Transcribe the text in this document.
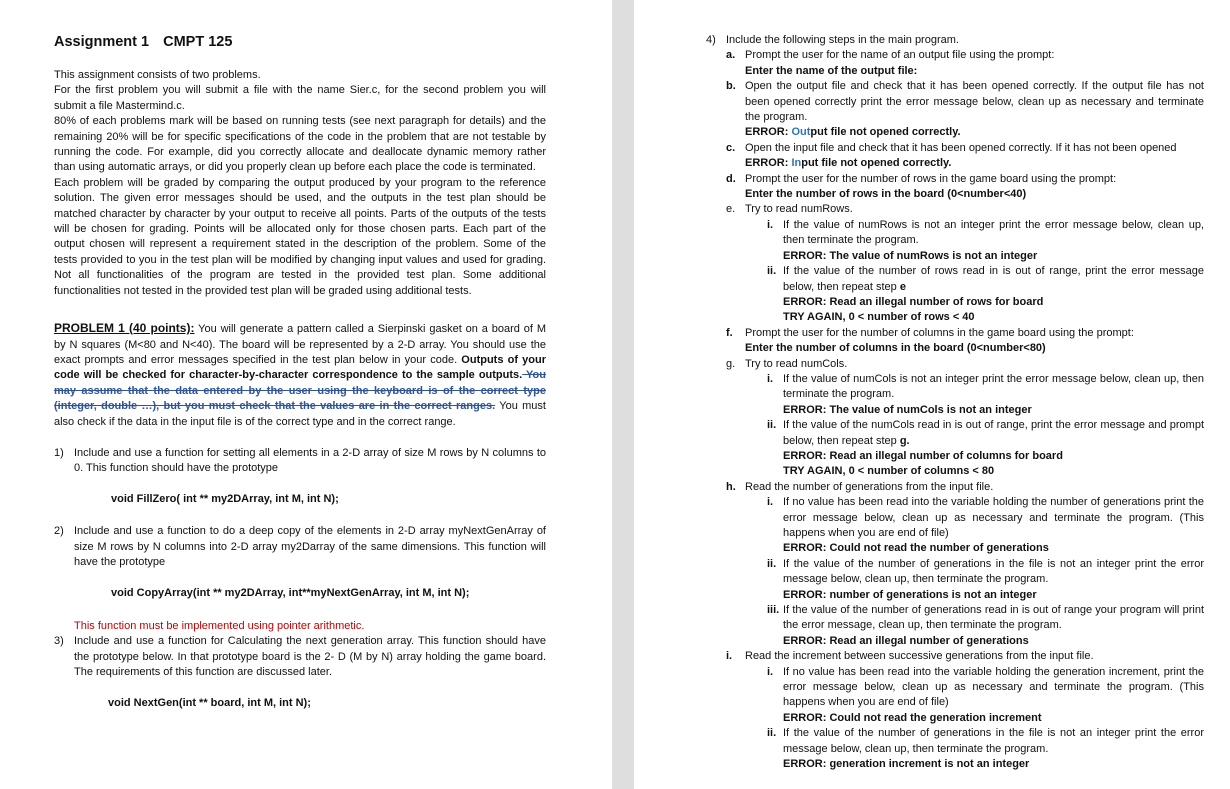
Assignment 1 CMPT 125

This assignment consists of two problems.

For the first problem you will submit a file with the name Sier.c, for the second problem you will submit a file Mastermind.c.

80% of each problems mark will be based on running tests (see next paragraph for details) and the remaining 20% will be for specific specifications of the code in the problem that are not testable by running the code. For example, did you correctly allocate and deallocate dynamic memory rather than using automatic arrays, or did you properly clean up before each place the code is terminated.

Each problem will be graded by comparing the output produced by your program to the reference solution. The given error messages should be used, and the outputs in the test plan should be matched character by character by your output to receive all points. Parts of the outputs of the tests will be chosen for grading. Points will be allocated only for those chosen parts. Each part of the output chosen will represent a requirement stated in the description of the problem. Some of the tests provided to you in the test plan will be modified by changing input values and used for grading. Not all functionalities of the program are tested in the provided test plan. Some additional functionalities not tested in the provided test plan will be graded using additional tests.

PROBLEM 1 (40 points): You will generate a pattern called a Sierpinski gasket on a board of M by N squares (M<80 and N<40). The board will be represented by a 2-D array. You should use the exact prompts and error messages specified in the test plan below in your code. Outputs of your code will be checked for character-by-character correspondence to the sample outputs. You may assume that the data entered by the user using the keyboard is of the correct type (integer, double …), but you must check that the values are in the correct ranges. You must also check if the data in the input file is of the correct type and in the correct range.

1) Include and use a function for setting all elements in a 2-D array of size M rows by N columns to 0. This function should have the prototype
void FillZero( int ** my2DArray, int M, int N);
2) Include and use a function to do a deep copy of the elements in 2-D array myNextGenArray of size M rows by N columns into 2-D array my2Darray of the same dimensions. This function will have the prototype
void CopyArray(int ** my2DArray, int**myNextGenArray, int M, int N);

This function must be implemented using pointer arithmetic.

3) Include and use a function for Calculating the next generation array. This function should have the prototype below. In that prototype board is the 2- D (M by N) array holding the game board. The requirements of this function are discussed later.
void NextGen(int ** board, int M, int N);
4) Include the following steps in the main program.
a. Prompt the user for the name of an output file using the prompt:
Enter the name of the output file:
b. Open the output file and check that it has been opened correctly. If the output file has not been opened correctly print the error message below, clean up as necessary and terminate the program.
ERROR: Output file not opened correctly.
c. Open the input file and check that it has been opened correctly. If it has not been opened
ERROR: Input file not opened correctly.
d. Prompt the user for the number of rows in the game board using the prompt:
Enter the number of rows in the board (0<number<40)
e. Try to read numRows.
i. If the value of numRows is not an integer print the error message below, clean up, then terminate the program.
ERROR: The value of numRows is not an integer
ii. If the value of the number of rows read in is out of range, print the error message below, then repeat step e
ERROR: Read an illegal number of rows for board
TRY AGAIN, 0 < number of rows < 40
f.	Prompt the user for the number of columns in the game board using the prompt:
Enter the number of columns in the board (0<number<80)
g. Try to read numCols.
i. If the value of numCols is not an integer print the error message below, clean up, then terminate the program.
ERROR: The value of numCols is not an integer
ii. If the value of the numCols read in is out of range, print the error message and prompt below, then repeat step g.
ERROR: Read an illegal number of columns for board
TRY AGAIN, 0 < number of columns < 80
h. Read the number of generations from the input file.
i. If no value has been read into the variable holding the number of generations print the error message below, clean up as necessary and terminate the program. (This happens when you are end of file)
ERROR: Could not read the number of generations
ii. If the value of the number of generations in the file is not an integer print the error message below, clean up, then terminate the program.
ERROR: number of generations is not an integer
iii. If the value of the number of generations read in is out of range your program will print the error message, clean up, then terminate the program.
ERROR: Read an illegal number of generations
i.	Read the increment between successive generations from the input file.
i. If no value has been read into the variable holding the generation increment, print the error message below, clean up as necessary and terminate the program. (This happens when you are end of file)
ERROR: Could not read the generation increment
ii. If the value of the number of generations in the file is not an integer print the error message below, clean up, then terminate the program.
ERROR: generation increment is not an integer
